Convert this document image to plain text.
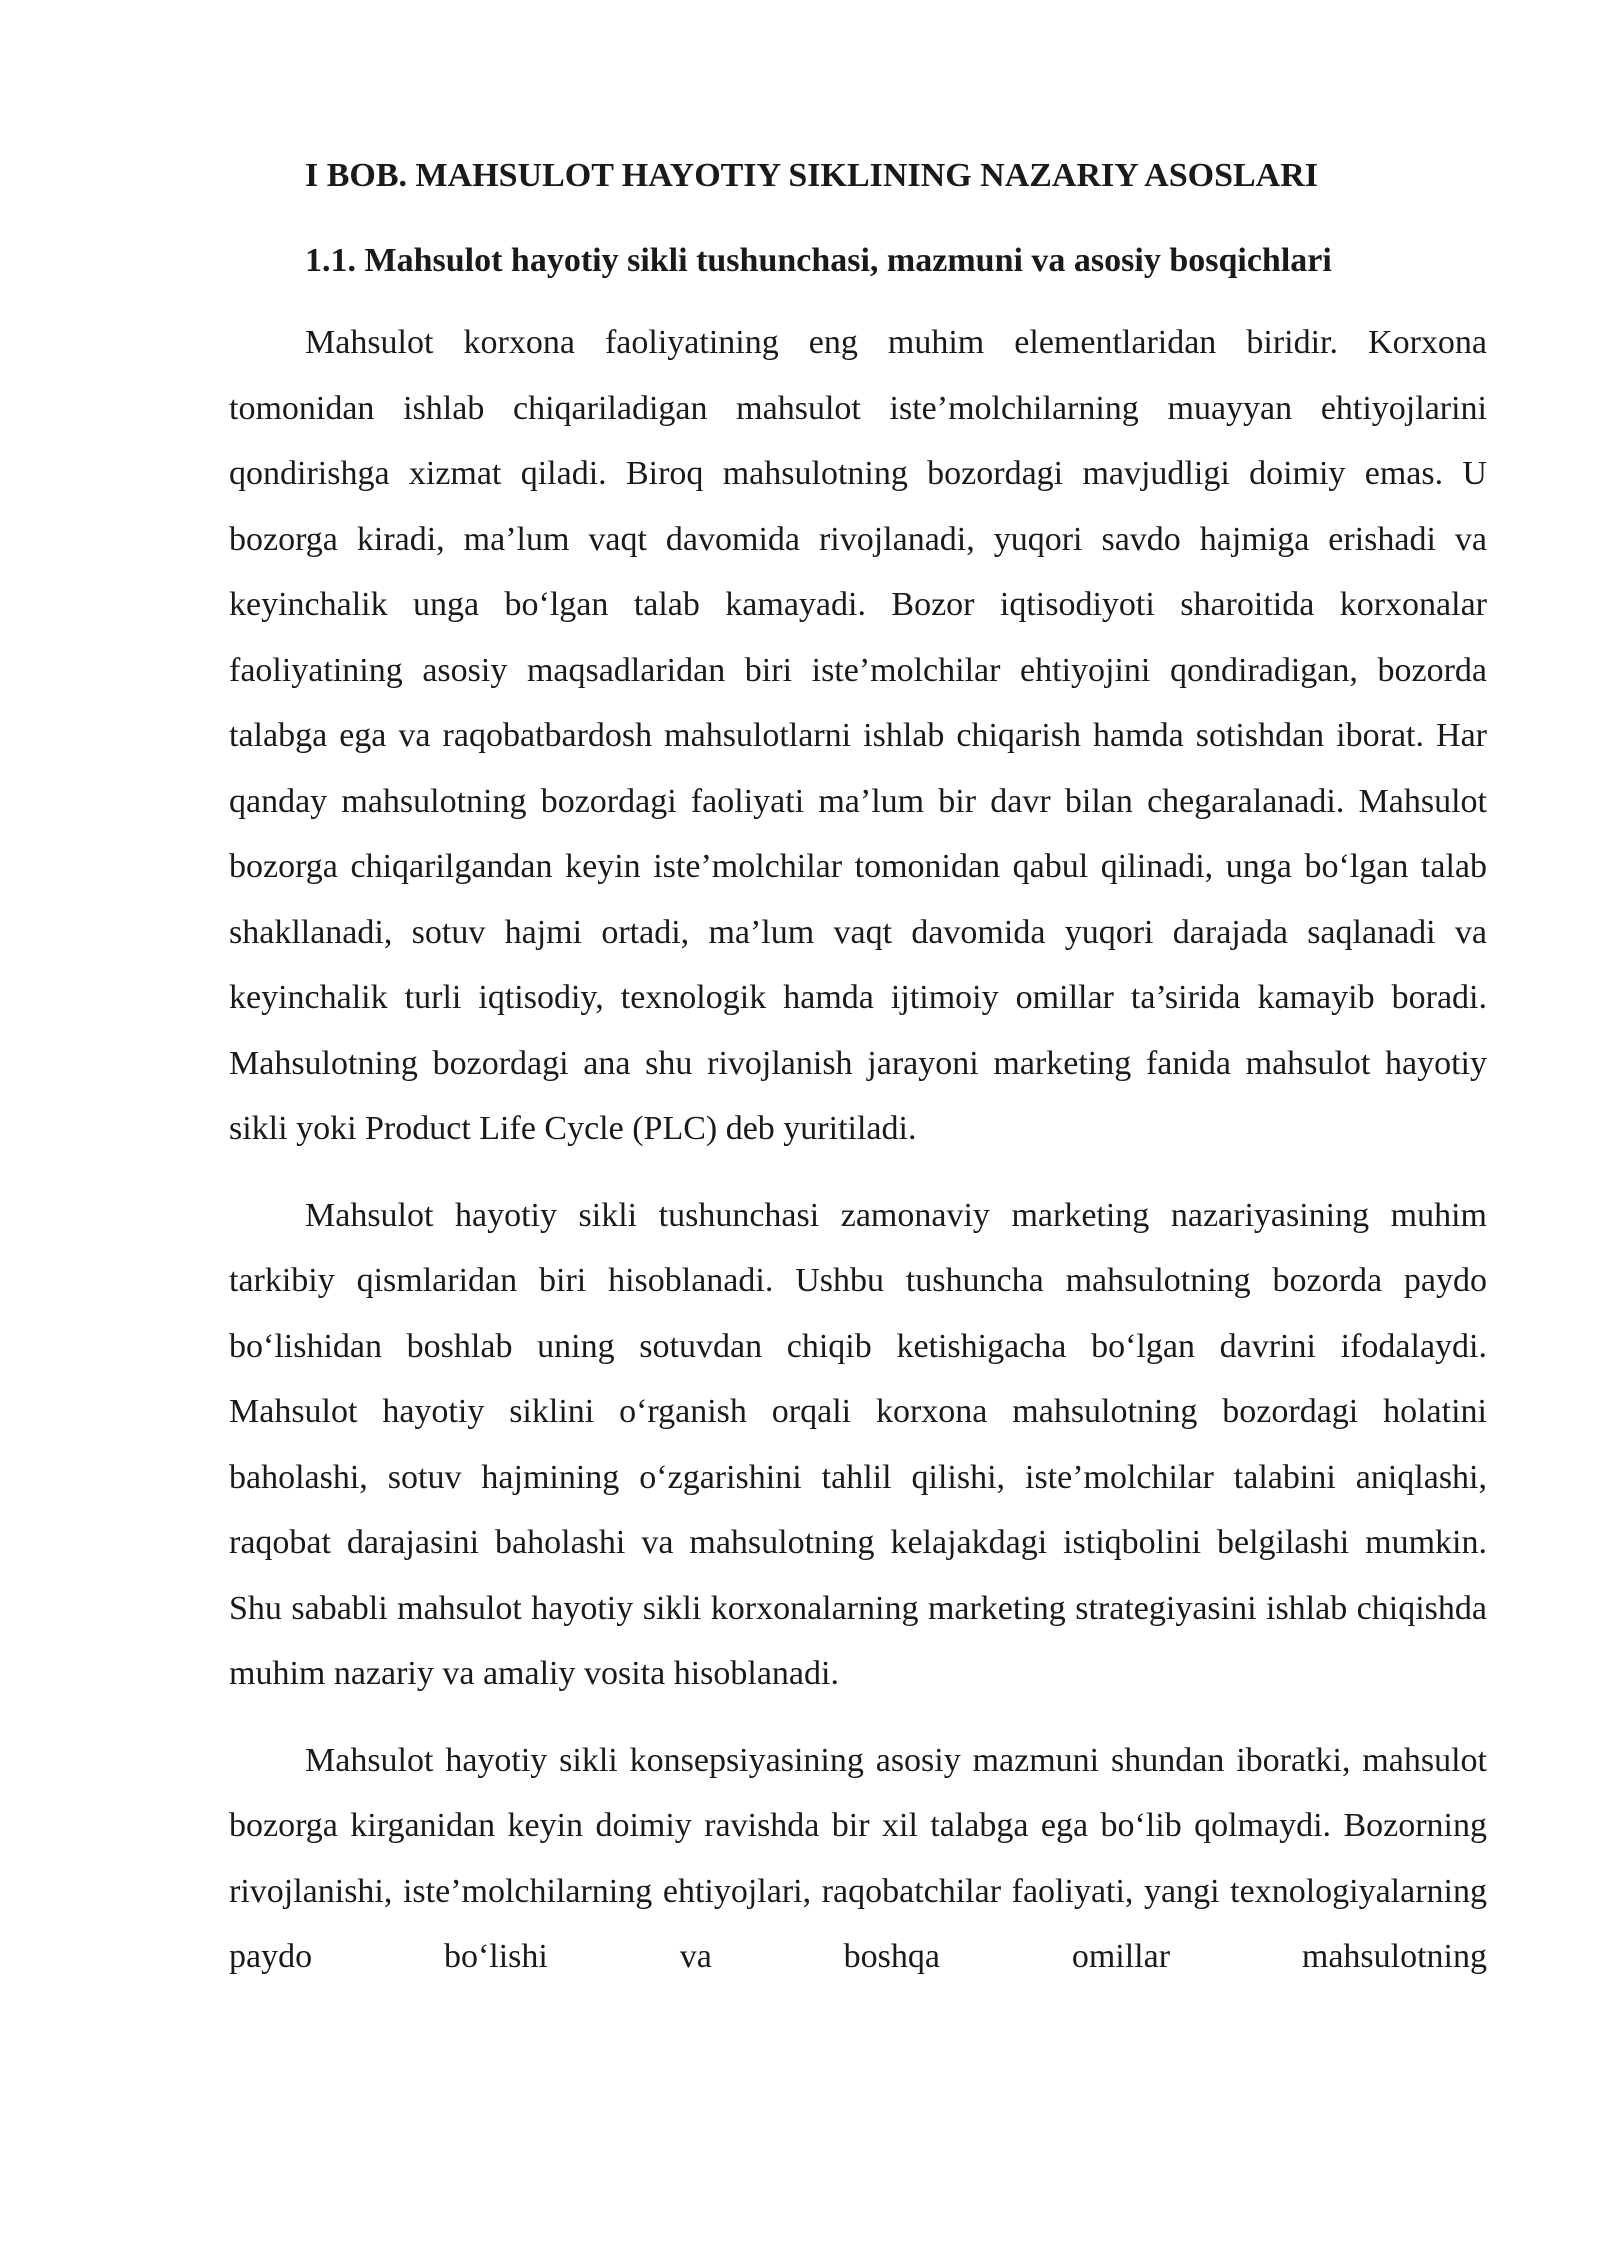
I BOB. MAHSULOT HAYOTIY SIKLINING NAZARIY ASOSLARI
1.1. Mahsulot hayotiy sikli tushunchasi, mazmuni va asosiy bosqichlari

Mahsulot korxona faoliyatining eng muhim elementlaridan biridir. Korxona tomonidan ishlab chiqariladigan mahsulot iste’molchilarning muayyan ehtiyojlarini qondirishga xizmat qiladi. Biroq mahsulotning bozordagi mavjudligi doimiy emas. U bozorga kiradi, ma’lum vaqt davomida rivojlanadi, yuqori savdo hajmiga erishadi va keyinchalik unga bo‘lgan talab kamayadi. Bozor iqtisodiyoti sharoitida korxonalar faoliyatining asosiy maqsadlaridan biri iste’molchilar ehtiyojini qondiradigan, bozorda talabga ega va raqobatbardosh mahsulotlarni ishlab chiqarish hamda sotishdan iborat. Har qanday mahsulotning bozordagi faoliyati ma’lum bir davr bilan chegaralanadi. Mahsulot bozorga chiqarilgandan keyin iste’molchilar tomonidan qabul qilinadi, unga bo‘lgan talab shakllanadi, sotuv hajmi ortadi, ma’lum vaqt davomida yuqori darajada saqlanadi va keyinchalik turli iqtisodiy, texnologik hamda ijtimoiy omillar ta’sirida kamayib boradi. Mahsulotning bozordagi ana shu rivojlanish jarayoni marketing fanida mahsulot hayotiy sikli yoki Product Life Cycle (PLC) deb yuritiladi.

Mahsulot hayotiy sikli tushunchasi zamonaviy marketing nazariyasining muhim tarkibiy qismlaridan biri hisoblanadi. Ushbu tushuncha mahsulotning bozorda paydo bo‘lishidan boshlab uning sotuvdan chiqib ketishigacha bo‘lgan davrini ifodalaydi. Mahsulot hayotiy siklini o‘rganish orqali korxona mahsulotning bozordagi holatini baholashi, sotuv hajmining o‘zgarishini tahlil qilishi, iste’molchilar talabini aniqlashi, raqobat darajasini baholashi va mahsulotning kelajakdagi istiqbolini belgilashi mumkin. Shu sababli mahsulot hayotiy sikli korxonalarning marketing strategiyasini ishlab chiqishda muhim nazariy va amaliy vosita hisoblanadi.

Mahsulot hayotiy sikli konsepsiyasining asosiy mazmuni shundan iboratki, mahsulot bozorga kirganidan keyin doimiy ravishda bir xil talabga ega bo‘lib qolmaydi. Bozorning rivojlanishi, iste’molchilarning ehtiyojlari, raqobatchilar faoliyati, yangi texnologiyalarning paydo bo‘lishi va boshqa omillar mahsulotning
